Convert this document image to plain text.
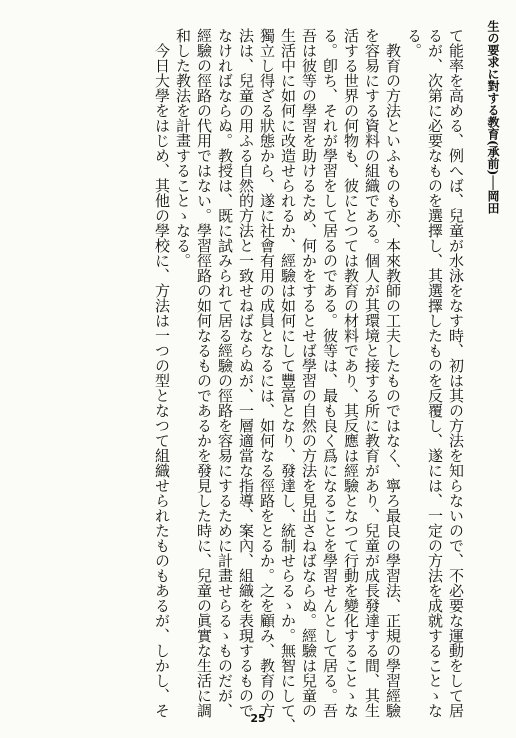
生の要求に對する教育(承前)──岡田
て能率を高める、例へば、兒童が水泳をなす時、初は其の方法を知らないので、不必要な運動をして居
るが、次第に必要なものを選擇し、其選擇したものを反覆し、遂には、一定の方法を成就することゝな
る。
　教育の方法といふものも亦、本來教師の工夫したものではなく、寧ろ最良の學習法、正規の學習經驗
を容易にする資料の組織である。個人が其環境と接する所に教育があり、兒童が成長發達する間、其生
活する世界の何物も、彼にとつては教育の材料であり、其反應は經驗となつて行動を變化することゝな
る。卽ち、それが學習をして居るのである。彼等は、最も良く爲になることを學習せんとして居る。吾
吾は彼等の學習を助けるため、何かをするとせば學習の自然の方法を見出さねばならぬ。經驗は兒童の
生活中に如何に改造せられるか、經驗は如何にして豐富となり、發達し、統制せらるゝか。無智にして、
獨立し得ざる狀態から、遂に社會有用の成員となるには、如何なる徑路をとるか。之を顧み、教育の方
法は、兒童の用ふる自然的方法と一致せねばならぬが、一層適當な指導、案內、組織を表現するもので
なければならぬ。教授は、既に試みられて居る經驗の徑路を容易にするために計畫せらるゝものだが、
經驗の徑路の代用ではない。學習徑路の如何なるものであるかを發見した時に、兒童の眞實な生活に調
和した教法を計畫することゝなる。
　今日大學をはじめ、其他の學校に、方法は一つの型となつて組織せられたものもあるが、しかし、そ
25
